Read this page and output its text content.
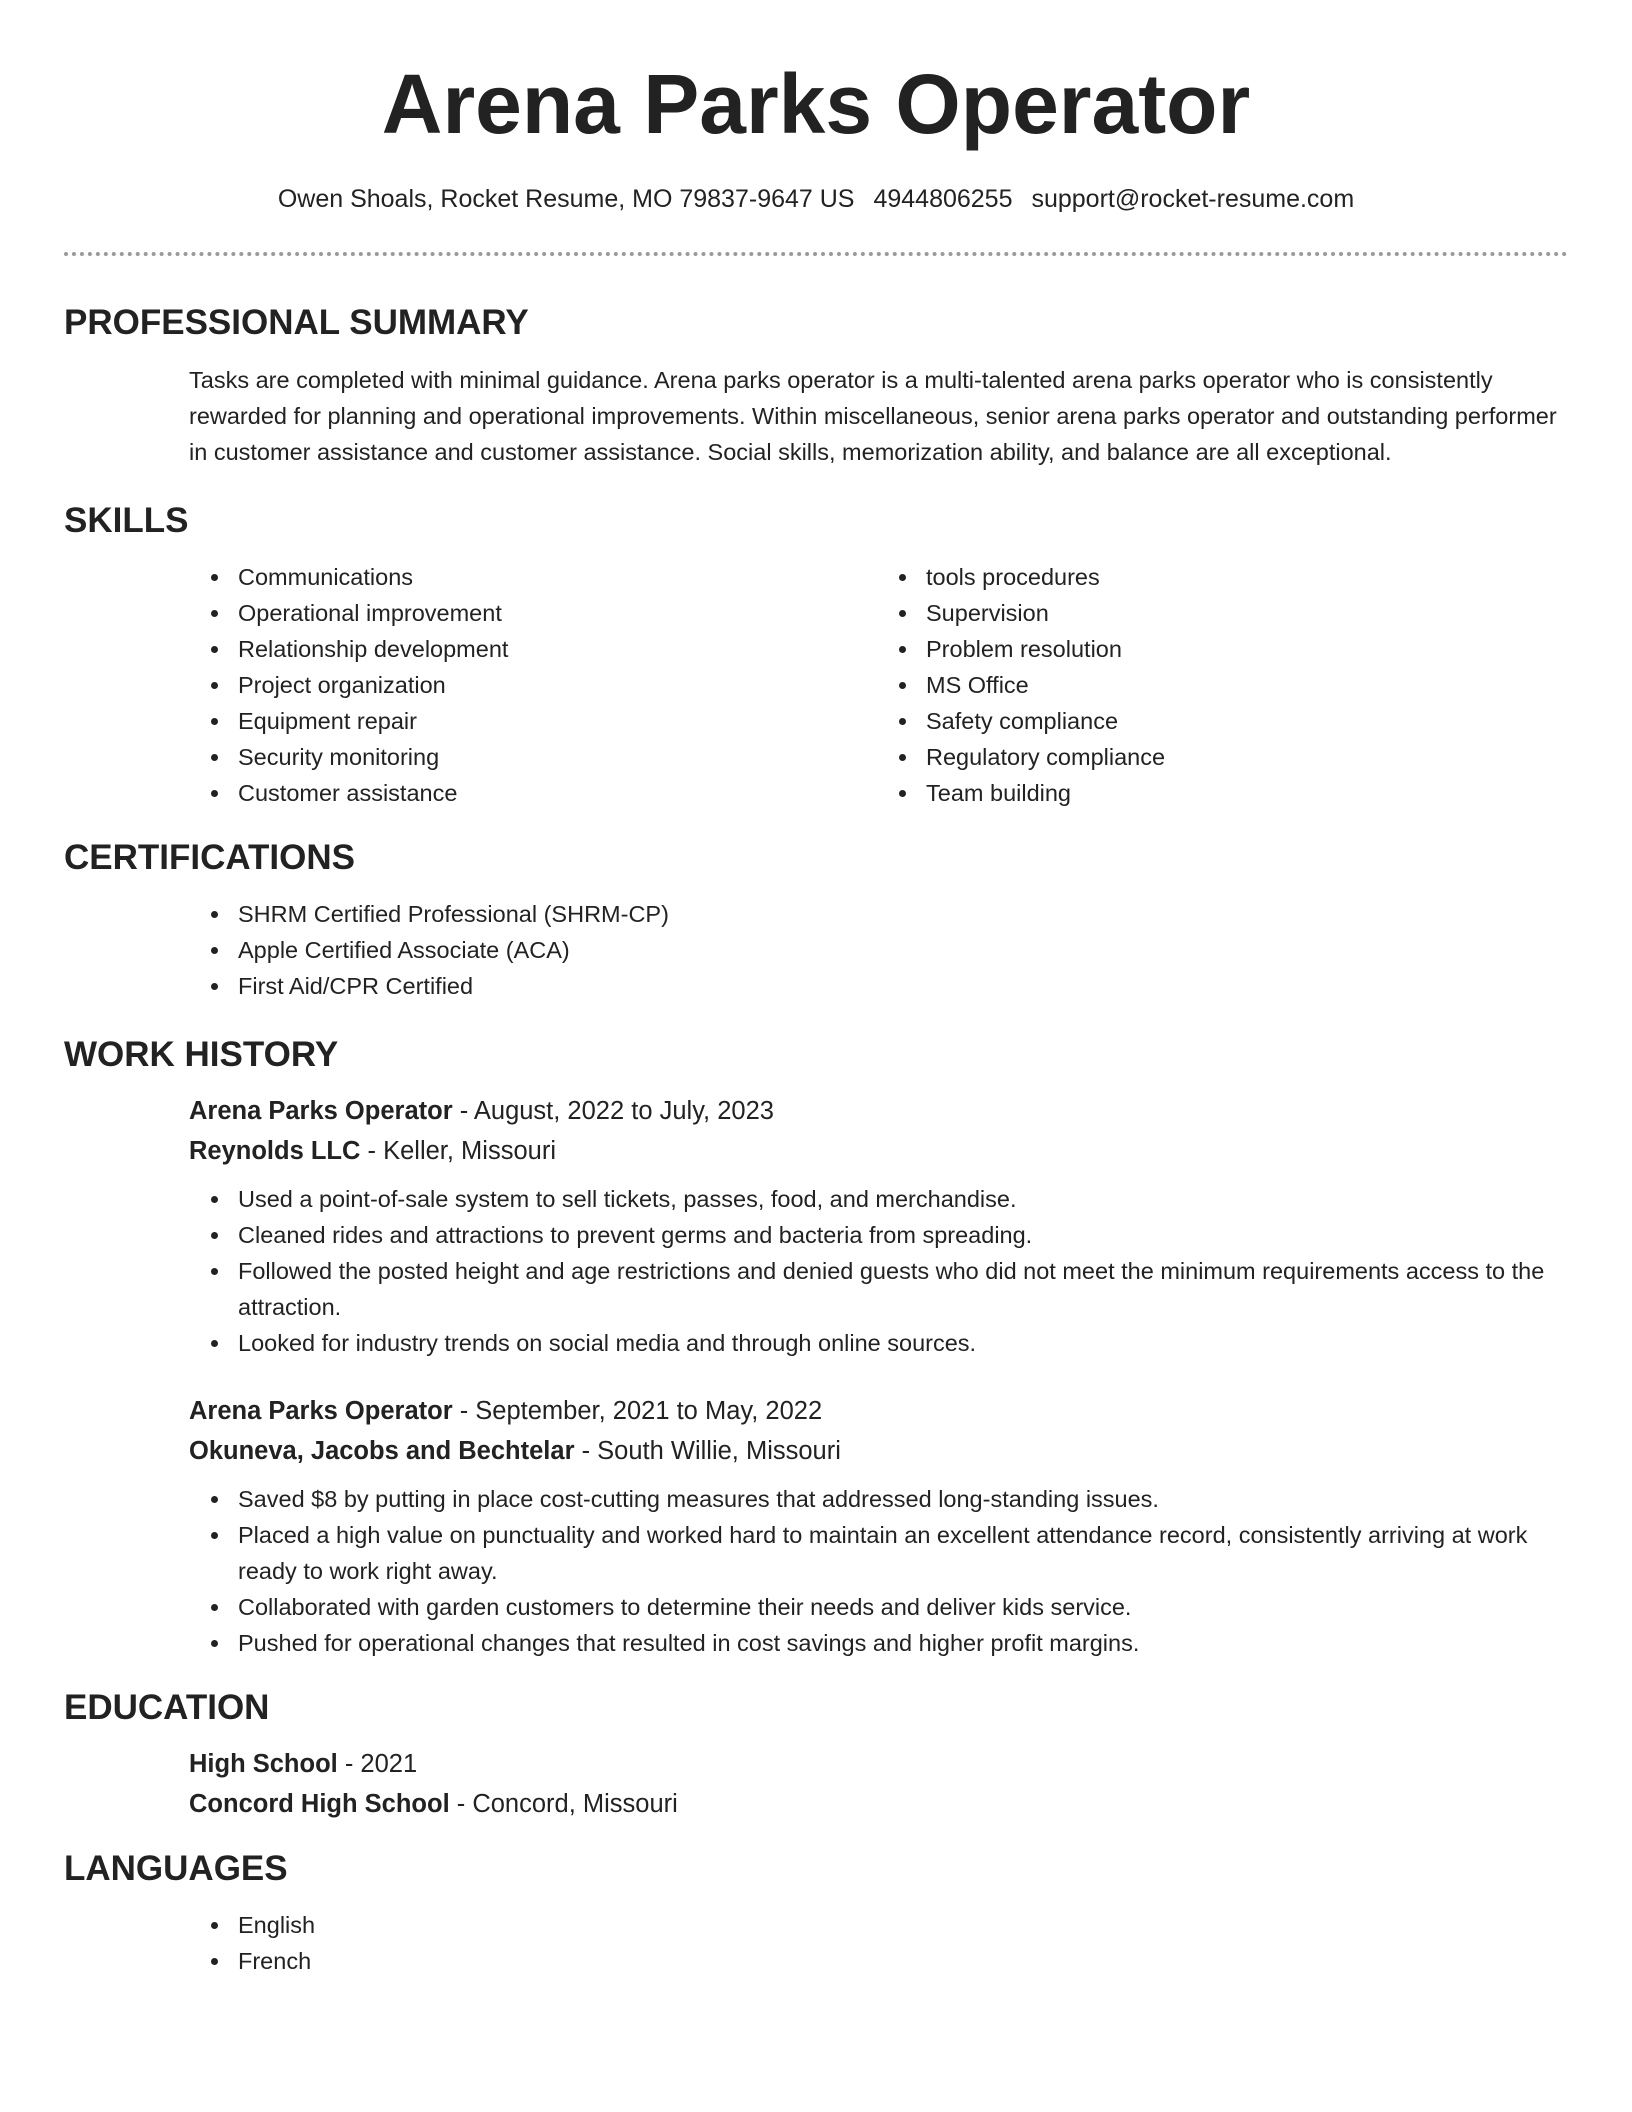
Arena Parks Operator
Owen Shoals, Rocket Resume, MO 79837-9647 US 4944806255 support@rocket-resume.com
PROFESSIONAL SUMMARY

Tasks are completed with minimal guidance. Arena parks operator is a multi-talented arena parks operator who is consistently rewarded for planning and operational improvements. Within miscellaneous, senior arena parks operator and outstanding performer in customer assistance and customer assistance. Social skills, memorization ability, and balance are all exceptional.

SKILLS
• Communications
• Operational improvement
• Relationship development
• Project organization
• Equipment repair
• Security monitoring
• Customer assistance
• tools procedures
• Supervision
• Problem resolution
• MS Office
• Safety compliance
• Regulatory compliance
• Team building
CERTIFICATIONS
• SHRM Certified Professional (SHRM-CP)
• Apple Certified Associate (ACA)
• First Aid/CPR Certified
WORK HISTORY

Arena Parks Operator - August, 2022 to July, 2023

Reynolds LLC - Keller, Missouri

• Used a point-of-sale system to sell tickets, passes, food, and merchandise.
• Cleaned rides and attractions to prevent germs and bacteria from spreading.
• Followed the posted height and age restrictions and denied guests who did not meet the minimum requirements access to the attraction.
• Looked for industry trends on social media and through online sources.

Arena Parks Operator - September, 2021 to May, 2022

Okuneva, Jacobs and Bechtelar - South Willie, Missouri

• Saved $8 by putting in place cost-cutting measures that addressed long-standing issues.
• Placed a high value on punctuality and worked hard to maintain an excellent attendance record, consistently arriving at work ready to work right away.
• Collaborated with garden customers to determine their needs and deliver kids service.
• Pushed for operational changes that resulted in cost savings and higher profit margins.
EDUCATION

High School - 2021

Concord High School - Concord, Missouri

LANGUAGES
• English
• French
